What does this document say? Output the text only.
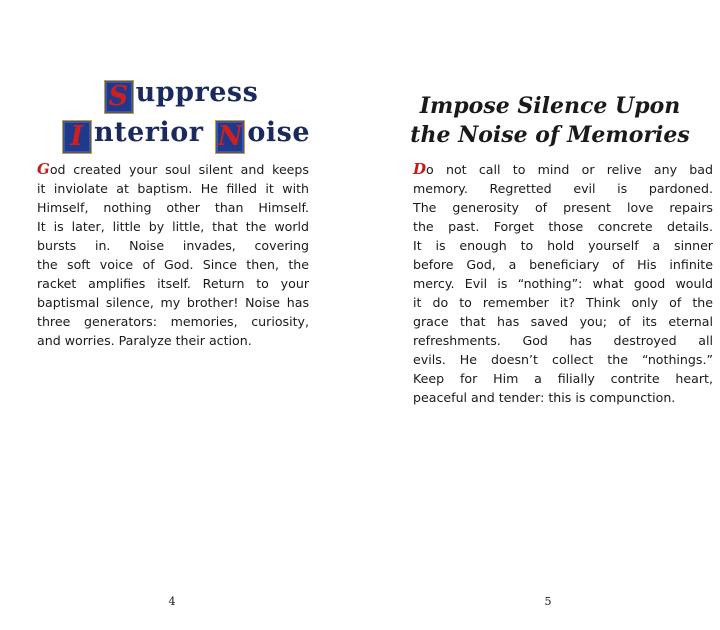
S uppress
I nterior N oise
God created your soul silent and keeps
it inviolate at baptism. He filled it with
Himself, nothing other than Himself.
It is later, little by little, that the world
bursts in. Noise invades, covering
the soft voice of God. Since then, the
racket amplifies itself. Return to your
baptismal silence, my brother! Noise has
three generators: memories, curiosity,
and worries. Paralyze their action.
4
Impose Silence Upon
the Noise of Memories
Do not call to mind or relive any bad
memory. Regretted evil is pardoned.
The generosity of present love repairs
the past. Forget those concrete details.
It is enough to hold yourself a sinner
before God, a beneficiary of His infinite
mercy. Evil is “nothing”: what good would
it do to remember it? Think only of the
grace that has saved you; of its eternal
refreshments. God has destroyed all
evils. He doesn’t collect the “nothings.”
Keep for Him a filially contrite heart,
peaceful and tender: this is compunction.
5
